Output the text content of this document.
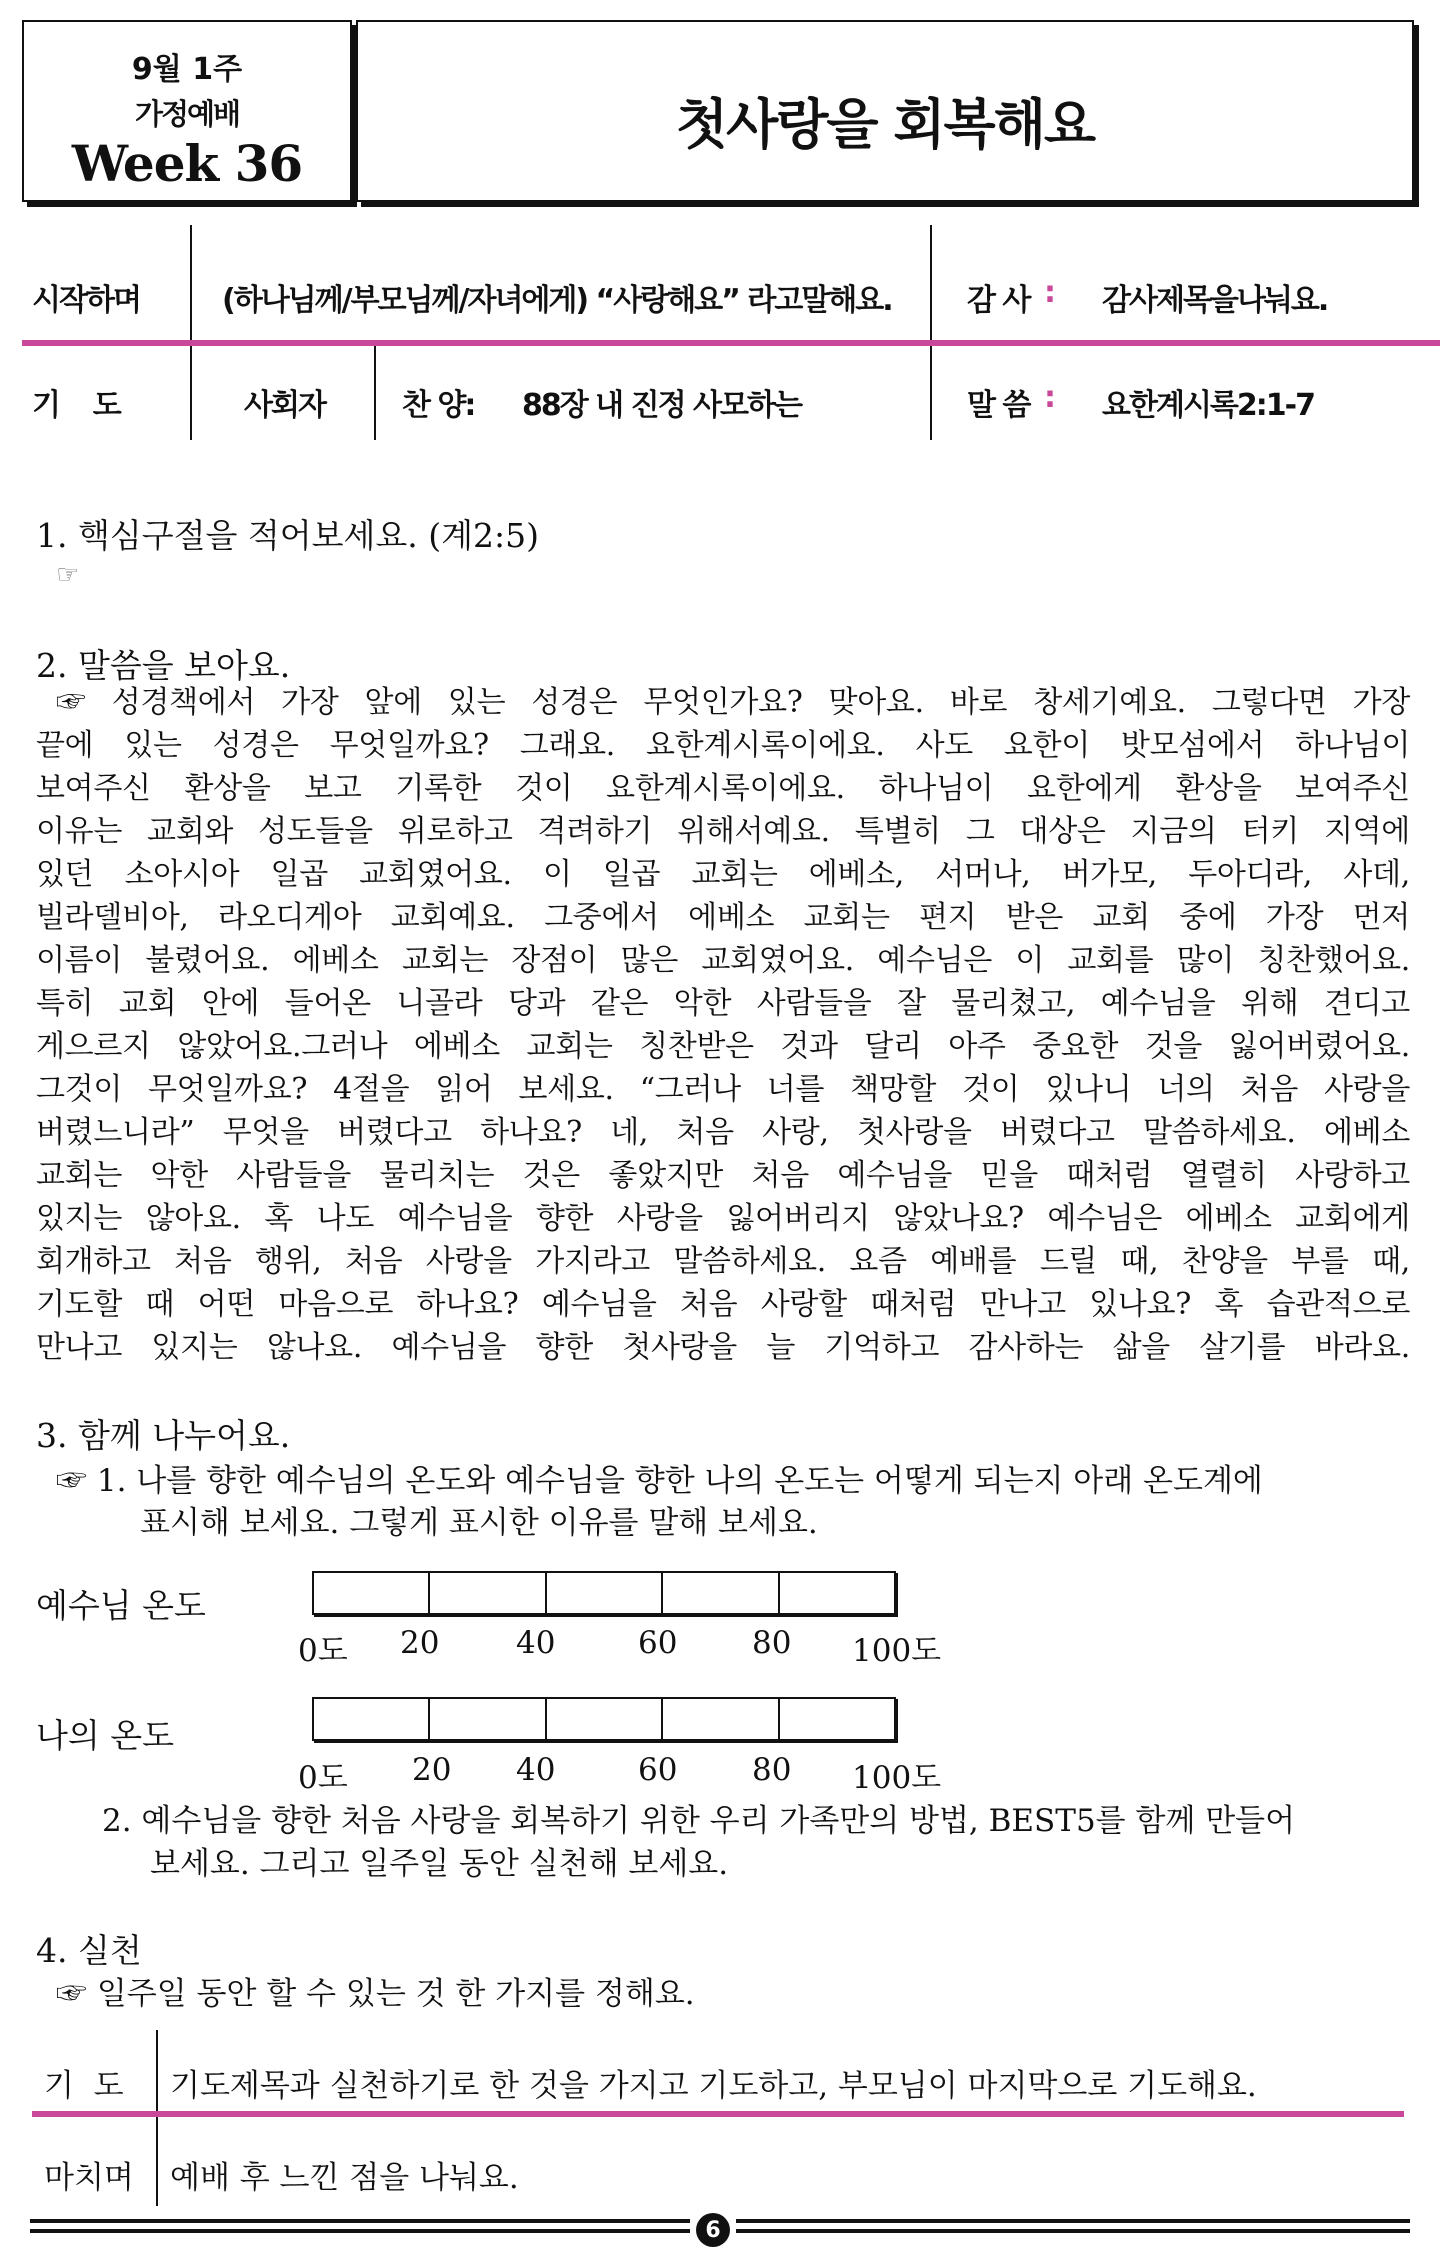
9월 1주
가정예배
Week 36
첫사랑을 회복해요
시작하며	(하나님께/부모님께/자녀에게) “사랑해요” 라고말해요.	감 사 : 감사제목을나눠요.
기    도	사회자	찬 양: 88장 내 진정 사모하는	말 씀 : 요한계시록2:1-7
1. 핵심구절을 적어보세요. (계2:5)
☞
2. 말씀을 보아요.
☞ 성경책에서 가장 앞에 있는 성경은 무엇인가요? 맞아요. 바로 창세기예요. 그렇다면 가장
끝에 있는 성경은 무엇일까요? 그래요. 요한계시록이에요. 사도 요한이 밧모섬에서 하나님이
보여주신 환상을 보고 기록한 것이 요한계시록이에요. 하나님이 요한에게 환상을 보여주신
이유는 교회와 성도들을 위로하고 격려하기 위해서예요. 특별히 그 대상은 지금의 터키 지역에
있던 소아시아 일곱 교회였어요. 이 일곱 교회는 에베소, 서머나, 버가모, 두아디라, 사데,
빌라델비아, 라오디게아 교회예요. 그중에서 에베소 교회는 편지 받은 교회 중에 가장 먼저
이름이 불렸어요. 에베소 교회는 장점이 많은 교회였어요. 예수님은 이 교회를 많이 칭찬했어요.
특히 교회 안에 들어온 니골라 당과 같은 악한 사람들을 잘 물리쳤고, 예수님을 위해 견디고
게으르지 않았어요.그러나 에베소 교회는 칭찬받은 것과 달리 아주 중요한 것을 잃어버렸어요.
그것이 무엇일까요? 4절을 읽어 보세요. “그러나 너를 책망할 것이 있나니 너의 처음 사랑을
버렸느니라” 무엇을 버렸다고 하나요? 네, 처음 사랑, 첫사랑을 버렸다고 말씀하세요. 에베소
교회는 악한 사람들을 물리치는 것은 좋았지만 처음 예수님을 믿을 때처럼 열렬히 사랑하고
있지는 않아요. 혹 나도 예수님을 향한 사랑을 잃어버리지 않았나요? 예수님은 에베소 교회에게
회개하고 처음 행위, 처음 사랑을 가지라고 말씀하세요. 요즘 예배를 드릴 때, 찬양을 부를 때,
기도할 때 어떤 마음으로 하나요? 예수님을 처음 사랑할 때처럼 만나고 있나요? 혹 습관적으로
만나고 있지는 않나요. 예수님을 향한 첫사랑을 늘 기억하고 감사하는 삶을 살기를 바라요.
3. 함께 나누어요.
☞ 1. 나를 향한 예수님의 온도와 예수님을 향한 나의 온도는 어떻게 되는지 아래 온도계에
표시해 보세요. 그렇게 표시한 이유를 말해 보세요.
예수님 온도
0도 20 40	60 80 100도
나의 온도
0도 20 40	60 80 100도
2. 예수님을 향한 처음 사랑을 회복하기 위한 우리 가족만의 방법, BEST5를 함께 만들어
보세요. 그리고 일주일 동안 실천해 보세요.
4. 실천
☞ 일주일 동안 할 수 있는 것 한 가지를 정해요.
기  도 기도제목과 실천하기로 한 것을 가지고 기도하고, 부모님이 마지막으로 기도해요.
마치며 예배 후 느낀 점을 나눠요.
6
